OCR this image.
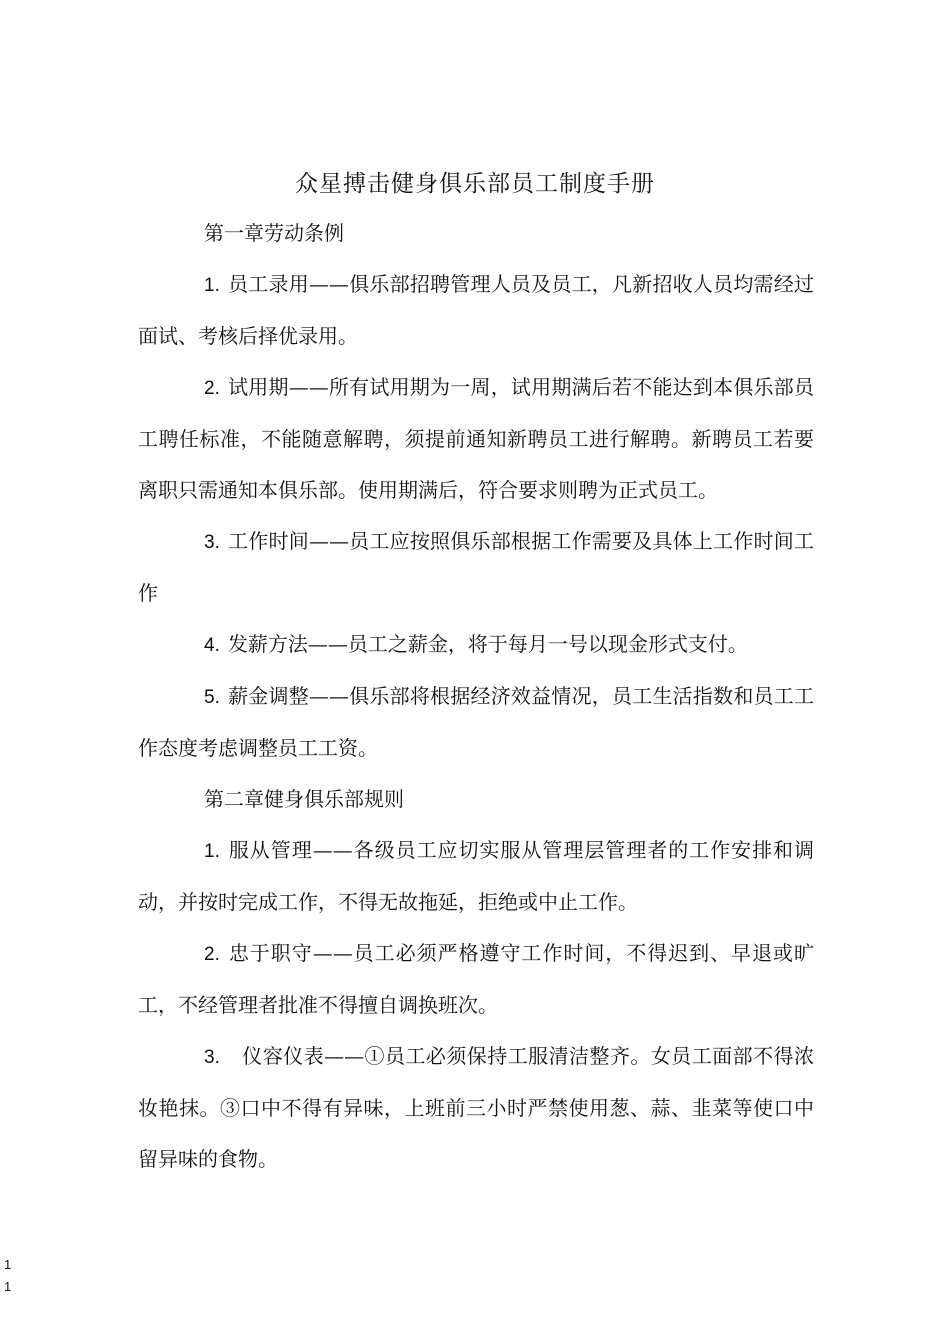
众星搏击健身俱乐部员工制度手册

第一章劳动条例

1. 员工录用——俱乐部招聘管理人员及员工，凡新招收人员均需经过面试、考核后择优录用。

2. 试用期——所有试用期为一周，试用期满后若不能达到本俱乐部员工聘任标准，不能随意解聘，须提前通知新聘员工进行解聘。新聘员工若要离职只需通知本俱乐部。使用期满后，符合要求则聘为正式员工。

3. 工作时间——员工应按照俱乐部根据工作需要及具体上工作时间工作

4. 发薪方法——员工之薪金，将于每月一号以现金形式支付。

5. 薪金调整——俱乐部将根据经济效益情况，员工生活指数和员工工作态度考虑调整员工工资。

第二章健身俱乐部规则

1. 服从管理——各级员工应切实服从管理层管理者的工作安排和调动，并按时完成工作，不得无故拖延，拒绝或中止工作。

2. 忠于职守——员工必须严格遵守工作时间，不得迟到、早退或旷工，不经管理者批准不得擅自调换班次。

3. 仪容仪表——①员工必须保持工服清洁整齐。女员工面部不得浓妆艳抹。③口中不得有异味，上班前三小时严禁使用葱、蒜、韭菜等使口中留异味的食物。

1
1
